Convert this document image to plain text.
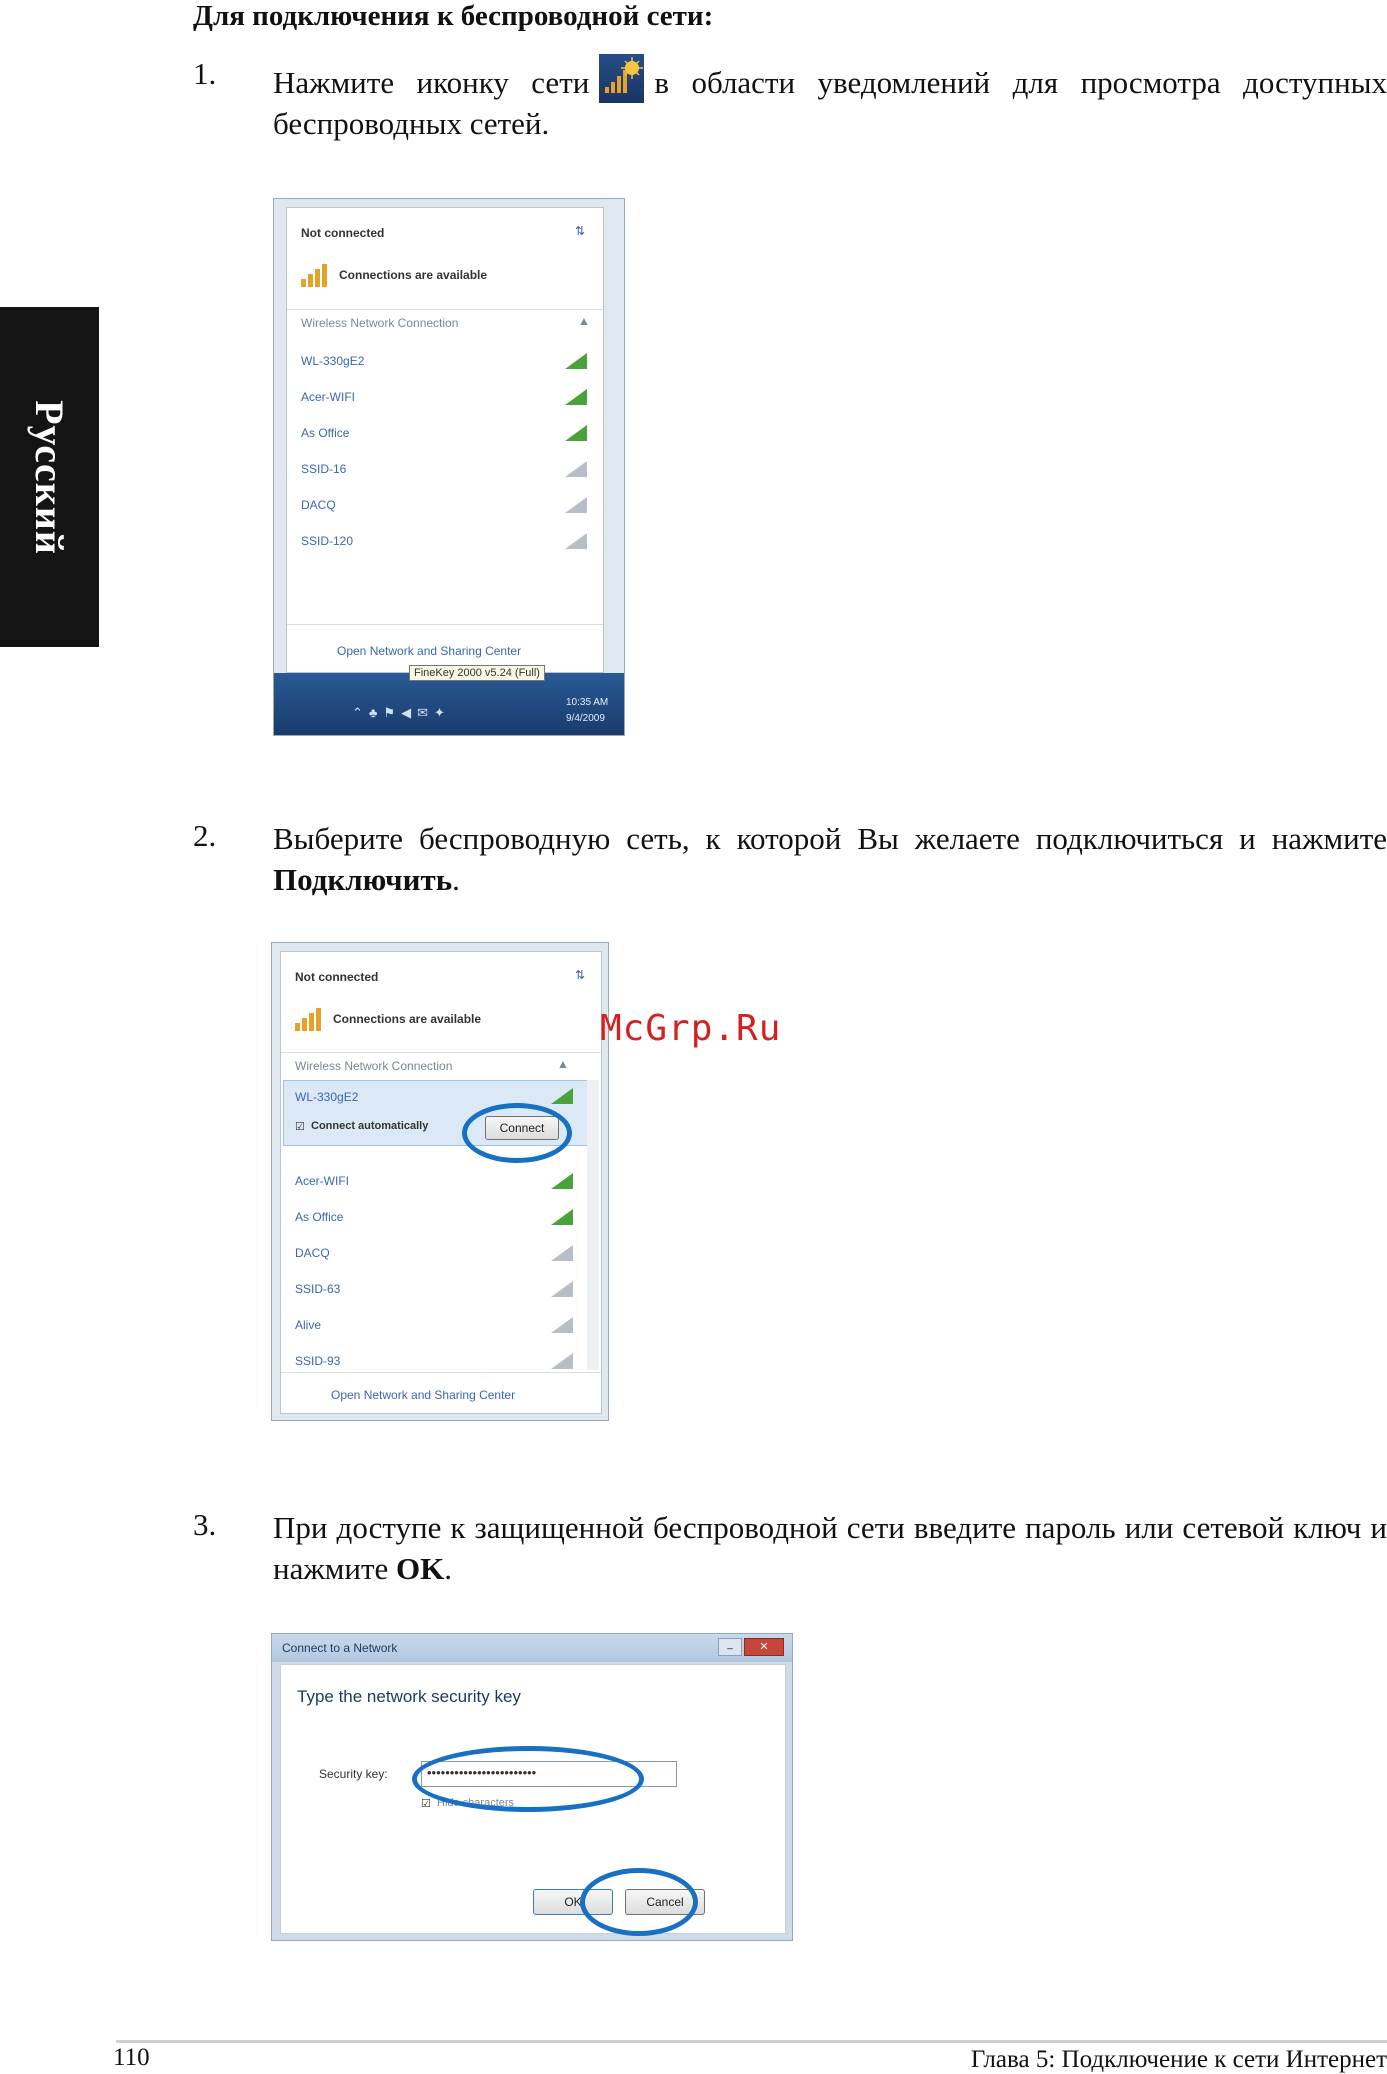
Русский
Для подключения к беспроводной сети:
1. Нажмите иконку сети в области уведомлений для просмотра доступных беспроводных сетей.
Not connected	⇅
Connections are available
Wireless Network Connection	▲
WL-330gE2
Acer-WIFI
As Office
SSID-16
DACQ
SSID-120
Open Network and Sharing Center
FineKey 2000 v5.24 (Full)
⌃♣⚑◀✉✦
10:35 AM
9/4/2009
2. Выберите беспроводную сеть, к которой Вы желаете подключиться и нажмите Подключить.
Not connected	⇅
Connections are available
Wireless Network Connection	▲
WL-330gE2
☑ Connect automatically	Connect
Acer-WIFI
As Office
DACQ
SSID-63
Alive
SSID-93
Open Network and Sharing Center
McGrp.Ru
3. При доступе к защищенной беспроводной сети введите пароль или сетевой ключ и нажмите OK.
Connect to a Network	_	✕
Type the network security key
Security key:	••••••••••••••••••••••••
☑ Hide characters
OK	Cancel
110	Глава 5: Подключение к сети Интернет
